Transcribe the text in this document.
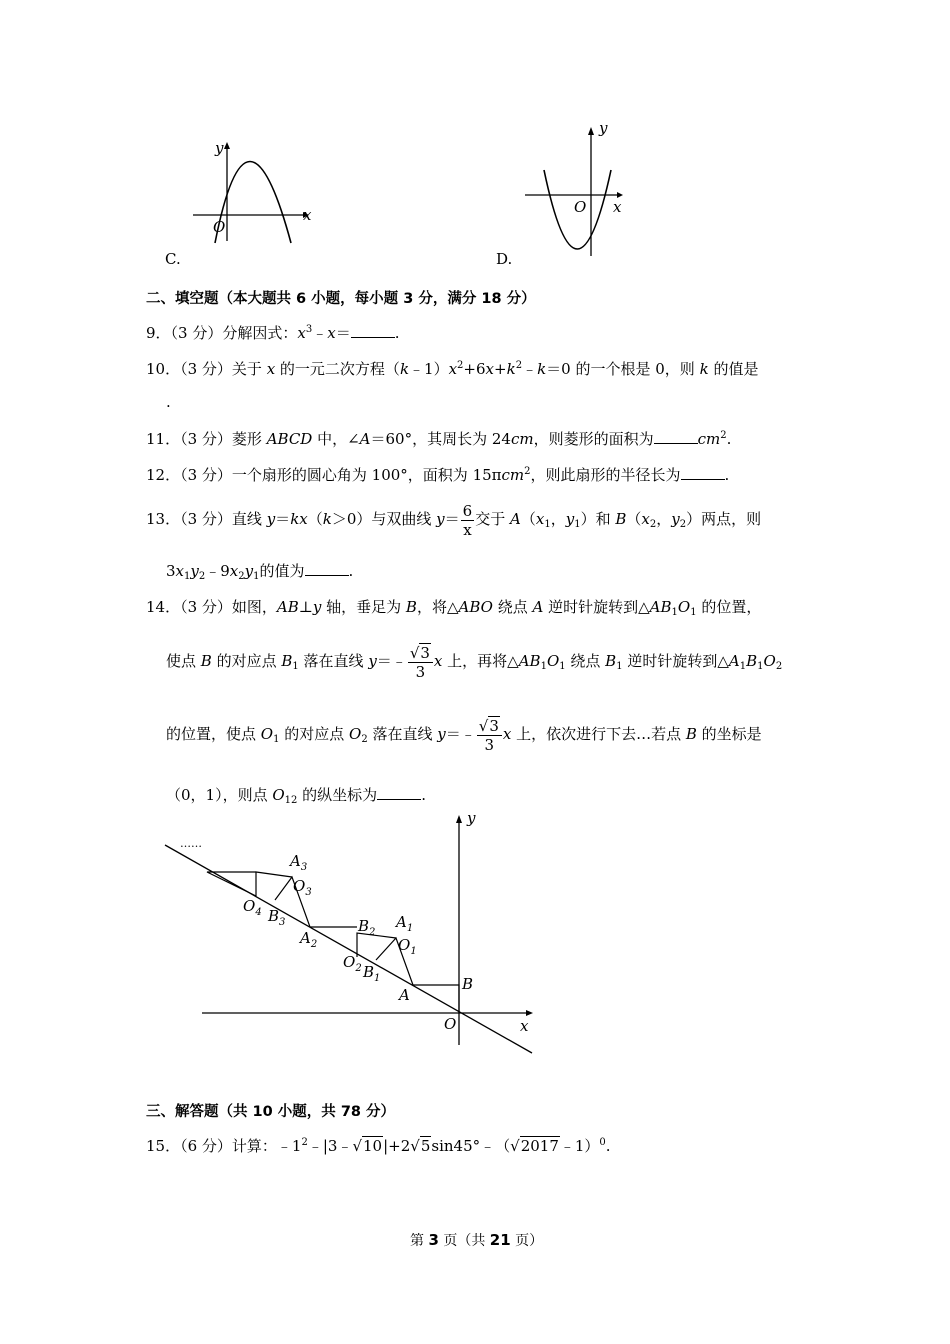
y
x
O
C.
y
x
O
D.
二、填空题（本大题共 6 小题，每小题 3 分，满分 18 分）
9．（3 分）分解因式：$x^3﹣x=$	.
10．（3 分）关于 x 的一元二次方程$(k﹣1)x^2+6x+k^2﹣k=0$ 的一个根是 0，则 k 的值是
.
11．（3 分）菱形 ABCD 中，∠A＝60°，其周长为 24cm，则菱形的面积为	$cm^2$.
12．（3 分）一个扇形的圆心角为 100°，面积为 15πcm$^2$，则此扇形的半径长为	.
13．（3 分）直线 y＝kx（k＞0）与双曲线 $y= \frac{6}{x}$ 交于 $A(x_1$，$y_1$）和 $B(x_2$，$y_2$）两点，则
$3x_1y_2﹣9x_2y_1$的值为	.
14．（3 分）如图，AB⊥y 轴，垂足为 B，将△ABO 绕点 A 逆时针旋转到$\triangle AB_1O_1$ 的位置，
使点 B 的对应点 $B_1$ 落在直线 y＝﹣ $\frac{√3}{3}$ x 上，再将$\triangle AB_1O_1$ 绕点 $B_1$ 逆时针旋转到$\triangle A_1B_1O_2$
的位置，使点 $O_1$ 的对应点 $O_2$ 落在直线 y＝﹣ $\frac{√3}{3}$ x 上，依次进行下去…若点 B 的坐标是
（0，1），则点 $O_{12}$ 的纵坐标为	.
……
y
x
O
B
A
$A_1$
$O_1$
$B_1$
$O_2$
$B_2$
$A_2$
$A_3$
$O_3$
$B_3$
$O_4$
三、解答题（共 10 小题，共 78 分）
15．（6 分）计算：$﹣1^2﹣|3﹣√10|+2√5\sin 45^\circ﹣(√2017﹣1)^0$.
第 3 页（共 21 页）
